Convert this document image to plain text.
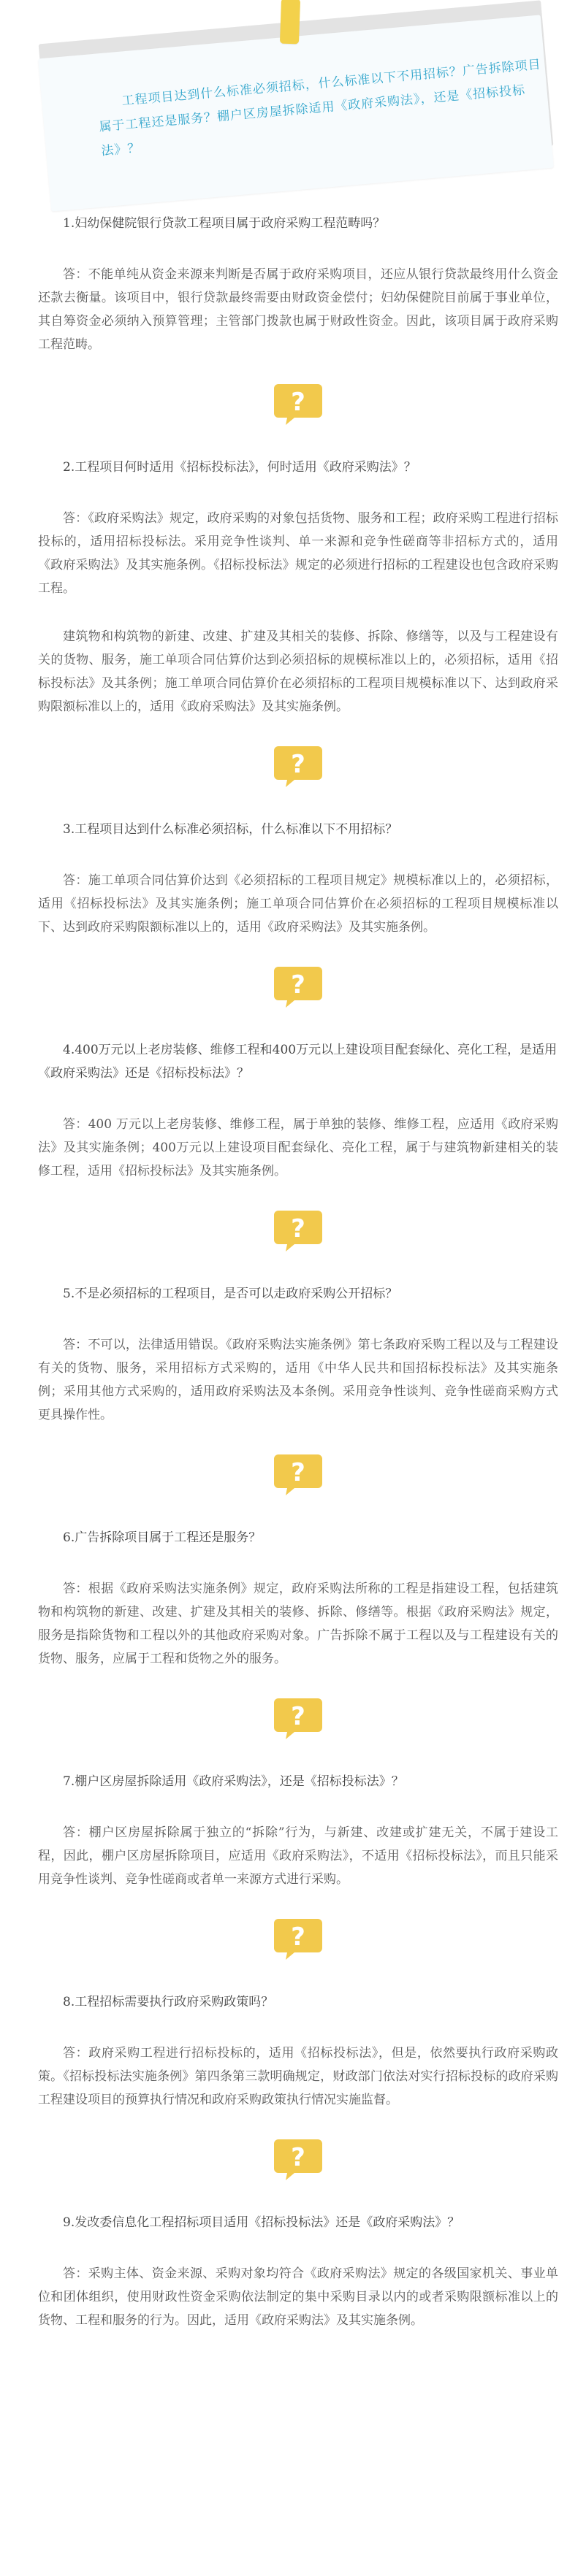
工程项目达到什么标准必须招标，什么标准以下不用招标？广告拆除项目属于工程还是服务？棚户区房屋拆除适用《政府采购法》，还是《招标投标法》？

1.妇幼保健院银行贷款工程项目属于政府采购工程范畴吗？

答：不能单纯从资金来源来判断是否属于政府采购项目，还应从银行贷款最终用什么资金还款去衡量。该项目中，银行贷款最终需要由财政资金偿付；妇幼保健院目前属于事业单位，其自筹资金必须纳入预算管理；主管部门拨款也属于财政性资金。因此，该项目属于政府采购工程范畴。

?

2.工程项目何时适用《招标投标法》，何时适用《政府采购法》？

答：《政府采购法》规定，政府采购的对象包括货物、服务和工程；政府采购工程进行招标投标的，适用招标投标法。采用竞争性谈判、单一来源和竞争性磋商等非招标方式的，适用《政府采购法》及其实施条例。《招标投标法》规定的必须进行招标的工程建设也包含政府采购工程。

建筑物和构筑物的新建、改建、扩建及其相关的装修、拆除、修缮等，以及与工程建设有关的货物、服务，施工单项合同估算价达到必须招标的规模标准以上的，必须招标，适用《招标投标法》及其条例；施工单项合同估算价在必须招标的工程项目规模标准以下、达到政府采购限额标准以上的，适用《政府采购法》及其实施条例。

?

3.工程项目达到什么标准必须招标，什么标准以下不用招标？

答：施工单项合同估算价达到《必须招标的工程项目规定》规模标准以上的，必须招标，适用《招标投标法》及其实施条例；施工单项合同估算价在必须招标的工程项目规模标准以下、达到政府采购限额标准以上的，适用《政府采购法》及其实施条例。

?

4.400万元以上老房装修、维修工程和400万元以上建设项目配套绿化、亮化工程，是适用《政府采购法》还是《招标投标法》？

答：400 万元以上老房装修、维修工程，属于单独的装修、维修工程，应适用《政府采购法》及其实施条例；400万元以上建设项目配套绿化、亮化工程，属于与建筑物新建相关的装修工程，适用《招标投标法》及其实施条例。

?

5.不是必须招标的工程项目，是否可以走政府采购公开招标？

答：不可以，法律适用错误。《政府采购法实施条例》第七条政府采购工程以及与工程建设有关的货物、服务，采用招标方式采购的，适用《中华人民共和国招标投标法》及其实施条例；采用其他方式采购的，适用政府采购法及本条例。采用竞争性谈判、竞争性磋商采购方式更具操作性。

?

6.广告拆除项目属于工程还是服务？

答：根据《政府采购法实施条例》规定，政府采购法所称的工程是指建设工程，包括建筑物和构筑物的新建、改建、扩建及其相关的装修、拆除、修缮等。根据《政府采购法》规定，服务是指除货物和工程以外的其他政府采购对象。广告拆除不属于工程以及与工程建设有关的货物、服务，应属于工程和货物之外的服务。

?

7.棚户区房屋拆除适用《政府采购法》，还是《招标投标法》？

答：棚户区房屋拆除属于独立的“拆除”行为，与新建、改建或扩建无关，不属于建设工程，因此，棚户区房屋拆除项目，应适用《政府采购法》，不适用《招标投标法》，而且只能采用竞争性谈判、竞争性磋商或者单一来源方式进行采购。

?

8.工程招标需要执行政府采购政策吗？

答：政府采购工程进行招标投标的，适用《招标投标法》，但是，依然要执行政府采购政策。《招标投标法实施条例》第四条第三款明确规定，财政部门依法对实行招标投标的政府采购工程建设项目的预算执行情况和政府采购政策执行情况实施监督。

?

9.发改委信息化工程招标项目适用《招标投标法》还是《政府采购法》？

答：采购主体、资金来源、采购对象均符合《政府采购法》规定的各级国家机关、事业单位和团体组织，使用财政性资金采购依法制定的集中采购目录以内的或者采购限额标准以上的货物、工程和服务的行为。因此，适用《政府采购法》及其实施条例。
